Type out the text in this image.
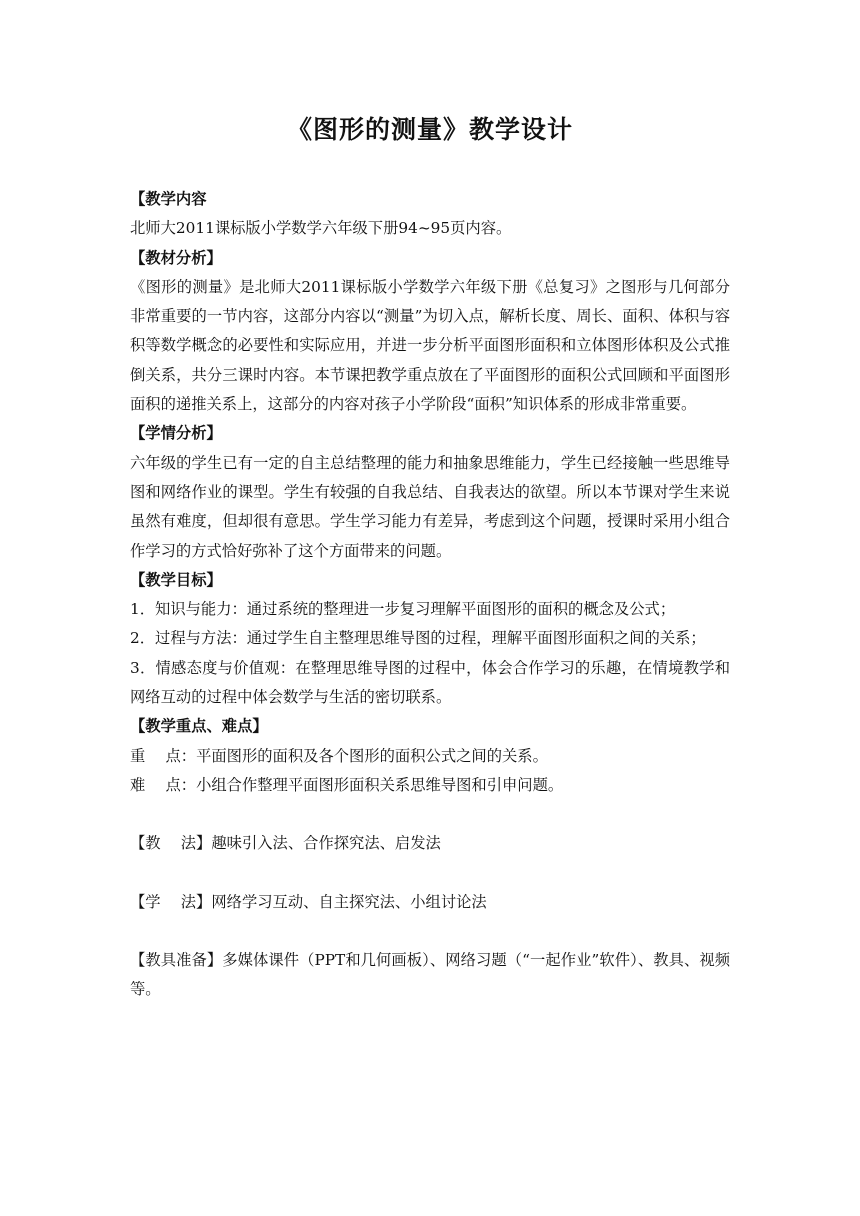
《图形的测量》教学设计

【教学内容

北师大2011课标版小学数学六年级下册94~95页内容。

【教材分析】

《图形的测量》是北师大2011课标版小学数学六年级下册《总复习》之图形与几何部分非常重要的一节内容，这部分内容以“测量”为切入点，解析长度、周长、面积、体积与容积等数学概念的必要性和实际应用，并进一步分析平面图形面积和立体图形体积及公式推倒关系，共分三课时内容。本节课把教学重点放在了平面图形的面积公式回顾和平面图形面积的递推关系上，这部分的内容对孩子小学阶段“面积”知识体系的形成非常重要。

【学情分析】

六年级的学生已有一定的自主总结整理的能力和抽象思维能力，学生已经接触一些思维导图和网络作业的课型。学生有较强的自我总结、自我表达的欲望。所以本节课对学生来说虽然有难度，但却很有意思。学生学习能力有差异，考虑到这个问题，授课时采用小组合作学习的方式恰好弥补了这个方面带来的问题。

【教学目标】

1．知识与能力：通过系统的整理进一步复习理解平面图形的面积的概念及公式；

2．过程与方法：通过学生自主整理思维导图的过程，理解平面图形面积之间的关系；

3．情感态度与价值观：在整理思维导图的过程中，体会合作学习的乐趣，在情境教学和网络互动的过程中体会数学与生活的密切联系。

【教学重点、难点】

重　 点：平面图形的面积及各个图形的面积公式之间的关系。

难　 点：小组合作整理平面图形面积关系思维导图和引申问题。

【教　 法】趣味引入法、合作探究法、启发法

【学　 法】网络学习互动、自主探究法、小组讨论法

【教具准备】多媒体课件（PPT和几何画板）、网络习题（“一起作业”软件）、教具、视频等。
